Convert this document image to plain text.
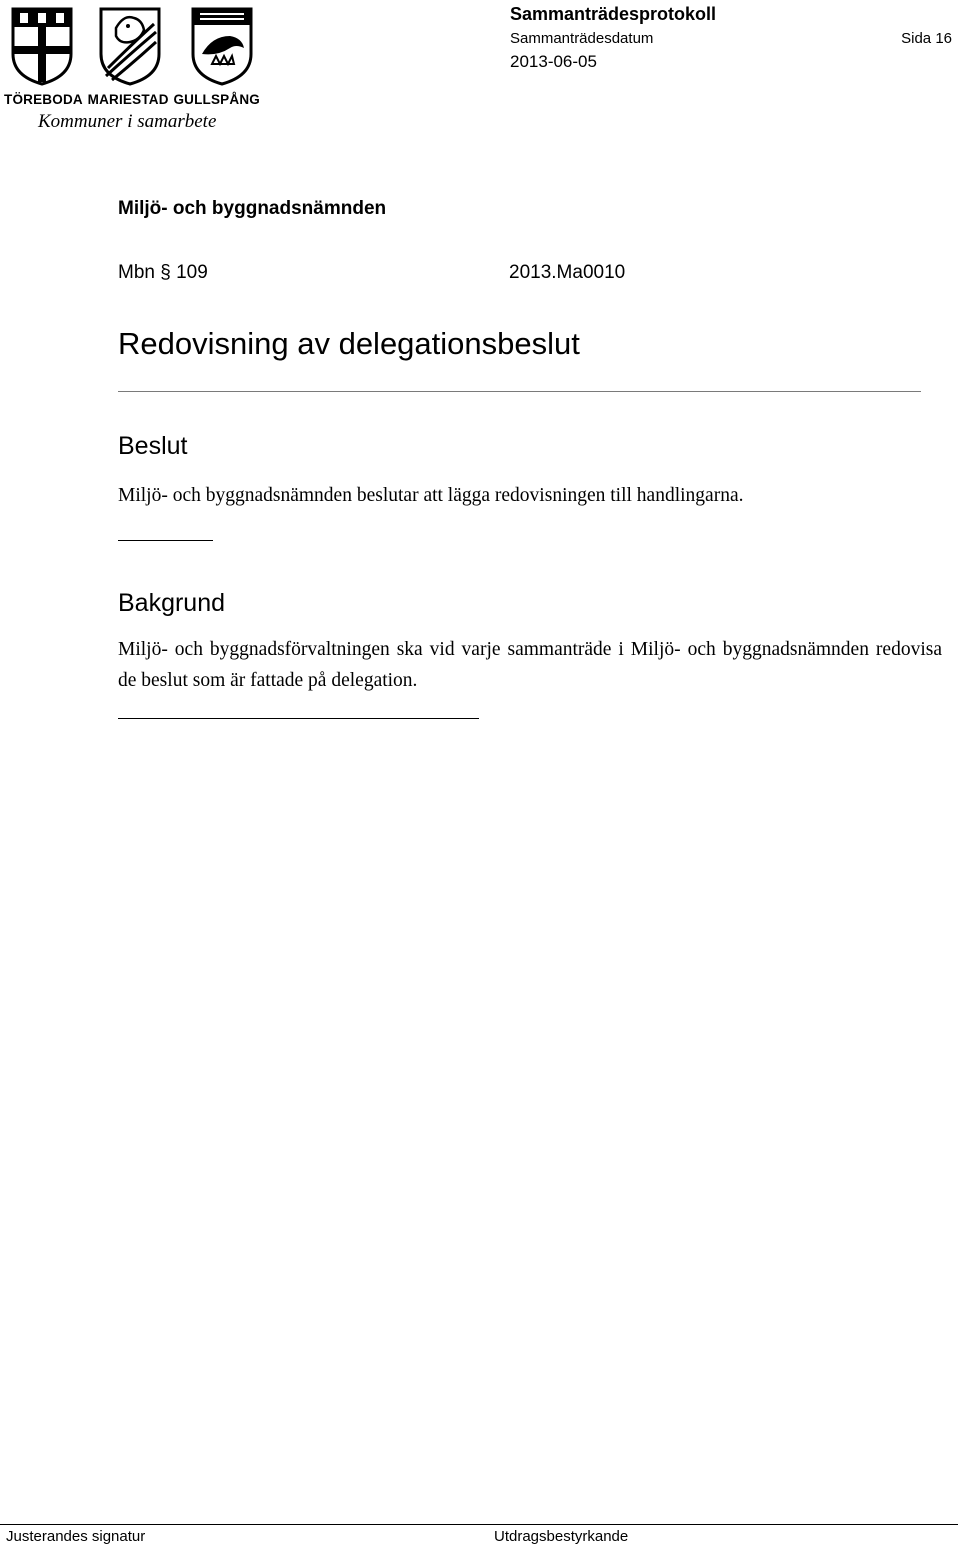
TÖREBODA MARIESTAD GULLSPÅNG
Kommuner i samarbete
Sammanträdesprotokoll
Sammanträdesdatum	Sida 16
2013-06-05
Miljö- och byggnadsnämnden
Mbn § 109	2013.Ma0010
Redovisning av delegationsbeslut
Beslut
Miljö- och byggnadsnämnden beslutar att lägga redovisningen till handlingarna.
Bakgrund
Miljö- och byggnadsförvaltningen ska vid varje sammanträde i Miljö- och byggnadsnämnden redovisa de beslut som är fattade på delegation.
Justerandes signatur	Utdragsbestyrkande
